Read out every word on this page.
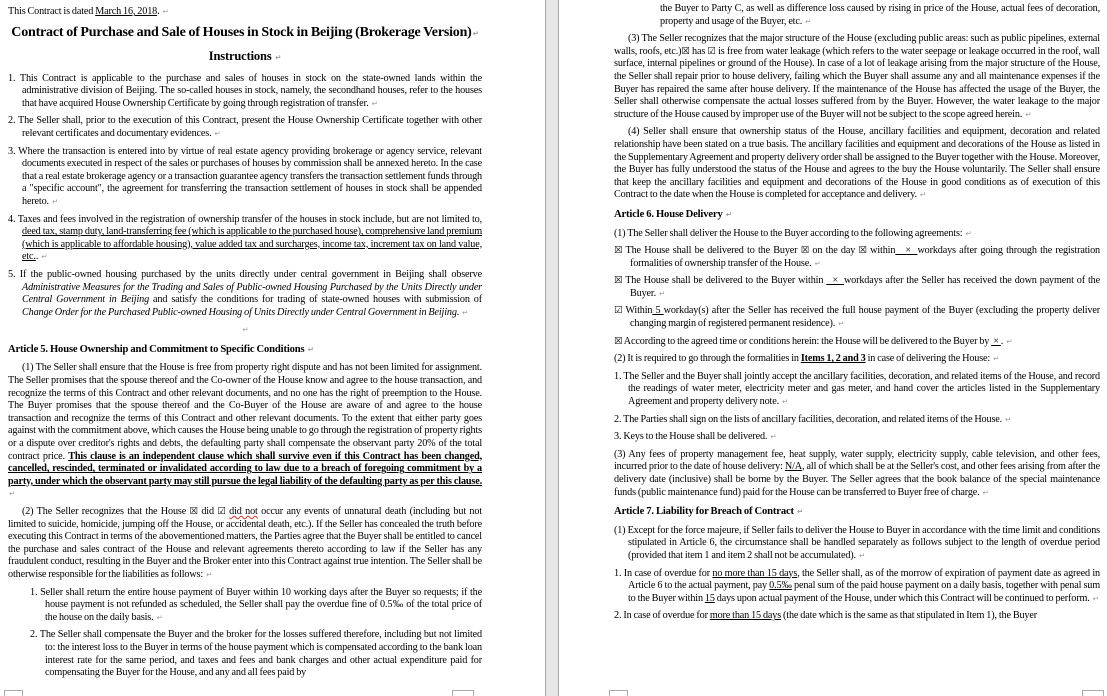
This Contract is dated March 16, 2018. ↵
Contract of Purchase and Sale of Houses in Stock in Beijing (Brokerage Version)↵
Instructions ↵
1. This Contract is applicable to the purchase and sales of houses in stock on the state-owned lands within the administrative division of Beijing. The so-called houses in stock, namely, the secondhand houses, refer to the houses that have acquired House Ownership Certificate by going through registration of transfer. ↵
2. The Seller shall, prior to the execution of this Contract, present the House Ownership Certificate together with other relevant certificates and documentary evidences. ↵
3. Where the transaction is entered into by virtue of real estate agency providing brokerage or agency service, relevant documents executed in respect of the sales or purchases of houses by commission shall be annexed hereto. In the case that a real estate brokerage agency or a transaction guarantee agency transfers the transaction settlement funds through a "specific account", the agreement for transferring the transaction settlement of houses in stock shall be appended hereto. ↵
4. Taxes and fees involved in the registration of ownership transfer of the houses in stock include, but are not limited to, deed tax, stamp duty, land-transferring fee (which is applicable to the purchased house), comprehensive land premium (which is applicable to affordable housing), value added tax and surcharges, income tax, increment tax on land value, etc.. ↵
5. If the public-owned housing purchased by the units directly under central government in Beijing shall observe Administrative Measures for the Trading and Sales of Public-owned Housing Purchased by the Units Directly under Central Government in Beijing and satisfy the conditions for trading of state-owned houses with submission of Change Order for the Purchased Public-owned Housing of Units Directly under Central Government in Beijing. ↵
↵
Article 5. House Ownership and Commitment to Specific Conditions ↵
(1) The Seller shall ensure that the House is free from property right dispute and has not been limited for assignment. The Seller promises that the spouse thereof and the Co-owner of the House know and agree to the house transaction, and recognize the terms of this Contract and other relevant documents, and no one has the right of preemption to the House. The Buyer promises that the spouse thereof and the Co-Buyer of the House are aware of and agree to the house transaction and recognize the terms of this Contract and other relevant documents. To the extent that either party goes against with the commitment above, which causes the House being unable to go through the registration of property rights or a dispute over creditor's rights and debts, the defaulting party shall compensate the observant party 20% of the total contract price. This clause is an independent clause which shall survive even if this Contract has been changed, cancelled, rescinded, terminated or invalidated according to law due to a breach of foregoing commitment by a party, under which the observant party may still pursue the legal liability of the defaulting party as per this clause. ↵
(2) The Seller recognizes that the House ☒ did ☑ did not occur any events of unnatural death (including but not limited to suicide, homicide, jumping off the House, or accidental death, etc.). If the Seller has concealed the truth before executing this Contract in terms of the abovementioned matters, the Parties agree that the Buyer shall be entitled to cancel the purchase and sales contract of the House and relevant agreements thereto according to law if the Seller has any fraudulent conduct, resulting in the Buyer and the Broker enter into this Contract against true intention. The Seller shall be otherwise responsible for the liabilities as follows: ↵
1. Seller shall return the entire house payment of Buyer within 10 working days after the Buyer so requests; if the house payment is not refunded as scheduled, the Seller shall pay the overdue fine of 0.5‰ of the total price of the house on the daily basis. ↵
2. The Seller shall compensate the Buyer and the broker for the losses suffered therefore, including but not limited to: the interest loss to the Buyer in terms of the house payment which is compensated according to the bank loan interest rate for the same period, and taxes and fees and bank charges and other actual expenditure paid for compensating the Buyer for the House, and any and all fees paid by
the Buyer to Party C, as well as difference loss caused by rising in price of the House, actual fees of decoration, property and usage of the Buyer, etc. ↵
(3) The Seller recognizes that the major structure of the House (excluding public areas: such as public pipelines, external walls, roofs, etc.)☒ has ☑ is free from water leakage (which refers to the water seepage or leakage occurred in the roof, wall surface, internal pipelines or ground of the House). In case of a lot of leakage arising from the major structure of the House, the Seller shall repair prior to house delivery, failing which the Buyer shall assume any and all maintenance expenses if the Buyer has repaired the same after house delivery. If the maintenance of the House has affected the usage of the Buyer, the Seller shall otherwise compensate the actual losses suffered from by the Buyer. However, the water leakage to the major structure of the House caused by improper use of the Buyer will not be subject to the scope agreed herein. ↵
(4) Seller shall ensure that ownership status of the House, ancillary facilities and equipment, decoration and related relationship have been stated on a true basis. The ancillary facilities and equipment and decorations of the House as listed in the Supplementary Agreement and property delivery order shall be assigned to the Buyer together with the House. Moreover, the Buyer has fully understood the status of the House and agrees to the buy the House voluntarily. The Seller shall ensure that keep the ancillary facilities and equipment and decorations of the House in good conditions as of execution of this Contract to the date when the House is completed for acceptance and delivery. ↵
Article 6. House Delivery ↵
(1) The Seller shall deliver the House to the Buyer according to the following agreements: ↵
☒ The House shall be delivered to the Buyer ☒ on the day ☒ within   ×  workdays after going through the registration formalities of ownership transfer of the House. ↵
☒ The House shall be delivered to the Buyer within   ×  workdays after the Seller has received the down payment of the Buyer. ↵
☑ Within 5 workday(s) after the Seller has received the full house payment of the Buyer (excluding the property deliver changing margin of registered permanent residence). ↵
☒ According to the agreed time or conditions herein: the House will be delivered to the Buyer by  × . ↵
(2) It is required to go through the formalities in Items 1, 2 and 3 in case of delivering the House: ↵
1. The Seller and the Buyer shall jointly accept the ancillary facilities, decoration, and related items of the House, and record the readings of water meter, electricity meter and gas meter, and hand cover the articles listed in the Supplementary Agreement and property delivery note. ↵
2. The Parties shall sign on the lists of ancillary facilities, decoration, and related items of the House. ↵
3. Keys to the House shall be delivered. ↵
(3) Any fees of property management fee, heat supply, water supply, electricity supply, cable television, and other fees, incurred prior to the date of house delivery: N/A, all of which shall be at the Seller's cost, and other fees arising from after the delivery date (inclusive) shall be borne by the Buyer. The Seller agrees that the book balance of the special maintenance funds (public maintenance fund) paid for the House can be transferred to Buyer free of charge. ↵
Article 7. Liability for Breach of Contract ↵
(1) Except for the force majeure, if Seller fails to deliver the House to Buyer in accordance with the time limit and conditions stipulated in Article 6, the circumstance shall be handled separately as follows subject to the length of overdue period (provided that item 1 and item 2 shall not be accumulated). ↵
1. In case of overdue for no more than 15 days, the Seller shall, as of the morrow of expiration of payment date as agreed in Article 6 to the actual payment, pay 0.5‰ penal sum of the paid house payment on a daily basis, together with penal sum to the Buyer within 15 days upon actual payment of the House, under which this Contract will be continued to perform. ↵
2. In case of overdue for more than 15 days (the date which is the same as that stipulated in Item 1), the Buyer
